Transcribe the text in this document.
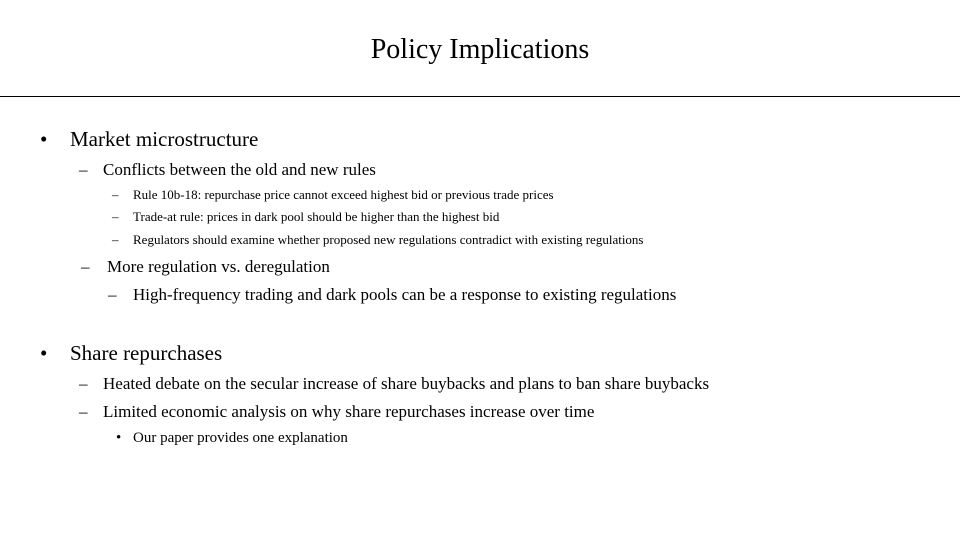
Policy Implications
• Market microstructure
– Conflicts between the old and new rules
– Rule 10b-18: repurchase price cannot exceed highest bid or previous trade prices
– Trade-at rule: prices in dark pool should be higher than the highest bid
– Regulators should examine whether proposed new regulations contradict with existing regulations
– More regulation vs. deregulation
– High-frequency trading and dark pools can be a response to existing regulations
• Share repurchases
– Heated debate on the secular increase of share buybacks and plans to ban share buybacks
– Limited economic analysis on why share repurchases increase over time
• Our paper provides one explanation
